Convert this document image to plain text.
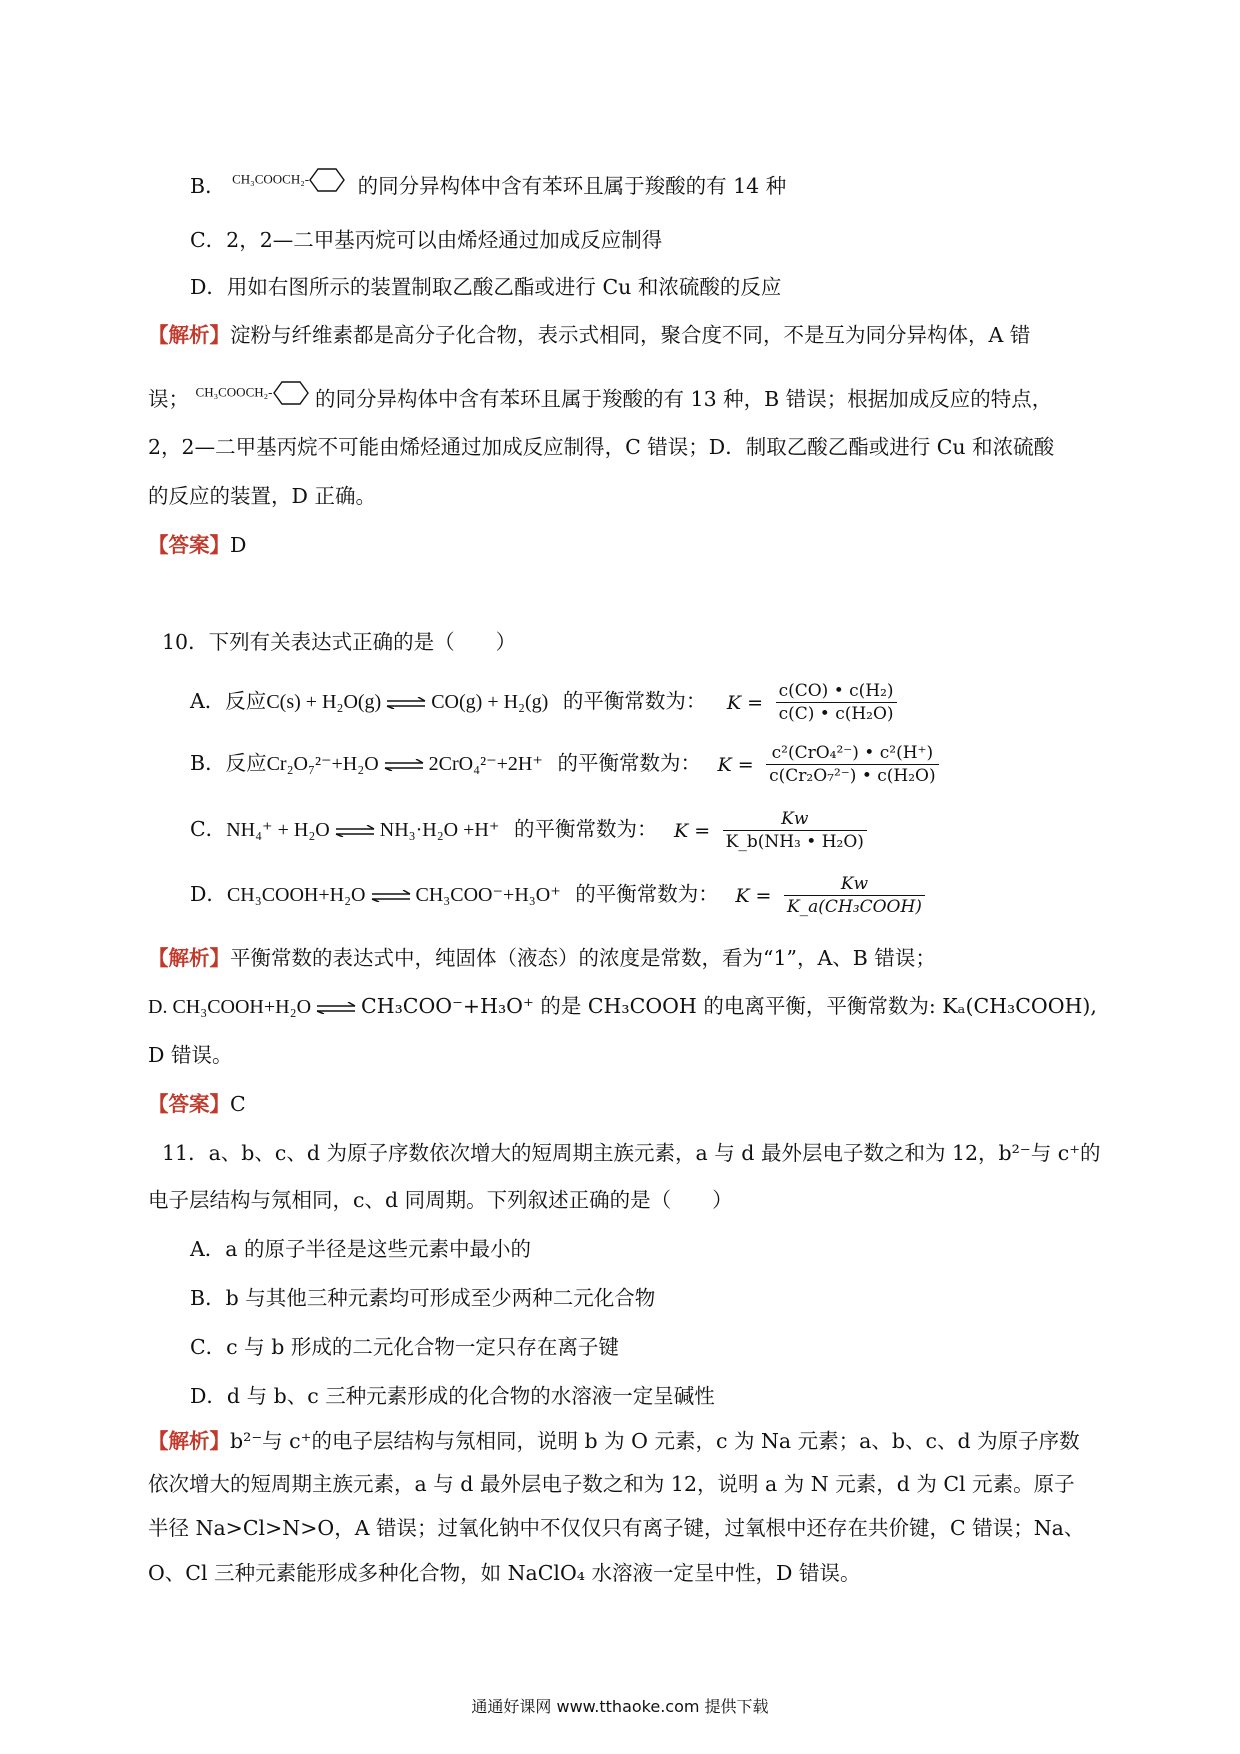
B． CH₃COOCH₂- 的同分异构体中含有苯环且属于羧酸的有 14 种
C．2，2—二甲基丙烷可以由烯烃通过加成反应制得
D．用如右图所示的装置制取乙酸乙酯或进行 Cu 和浓硫酸的反应
【解析】淀粉与纤维素都是高分子化合物，表示式相同，聚合度不同，不是互为同分异构体，A 错
误； CH₃COOCH₂- 的同分异构体中含有苯环且属于羧酸的有 13 种，B 错误；根据加成反应的特点，
2，2—二甲基丙烷不可能由烯烃通过加成反应制得，C 错误；D．制取乙酸乙酯或进行 Cu 和浓硫酸
的反应的装置，D 正确。
【答案】D
10．下列有关表达式正确的是（　　）
A．反应C(s) + H₂O(g) ⇌ CO(g) + H₂(g) 的平衡常数为： $K = \frac{\text{c(CO) • c(H₂)}}{\text{c(C) • c(H₂O)}}$
B．反应Cr₂O₇²⁻+H₂O ⇌ 2CrO₄²⁻+2H⁺ 的平衡常数为： $K = \frac{\text{c²(CrO₄²⁻) • c²(H⁺)}}{\text{c(Cr₂O₇²⁻) • c(H₂O)}}$
C．NH₄⁺ + H₂O ⇌ NH₃·H₂O +H⁺ 的平衡常数为： $K = \frac{Kw}{\text{K\_b(NH₃ • H₂O)}}$
D．CH₃COOH+H₂O ⇌ CH₃COO⁻+H₃O⁺ 的平衡常数为： $K = \frac{Kw}{\text{K\_a(CH₃COOH)}}$
【解析】平衡常数的表达式中，纯固体（液态）的浓度是常数，看为“1”，A、B 错误；
D. CH₃COOH+H₂O ⇌ CH₃COO⁻+H₃O⁺ 的是 CH₃COOH 的电离平衡，平衡常数为: Kₐ(CH₃COOH),
D 错误。
【答案】C
11．a、b、c、d 为原子序数依次增大的短周期主族元素，a 与 d 最外层电子数之和为 12，b²⁻与 c⁺的
电子层结构与氖相同，c、d 同周期。下列叙述正确的是（　　）
A．a 的原子半径是这些元素中最小的
B．b 与其他三种元素均可形成至少两种二元化合物
C．c 与 b 形成的二元化合物一定只存在离子键
D．d 与 b、c 三种元素形成的化合物的水溶液一定呈碱性
【解析】b²⁻与 c⁺的电子层结构与氖相同，说明 b 为 O 元素，c 为 Na 元素；a、b、c、d 为原子序数
依次增大的短周期主族元素，a 与 d 最外层电子数之和为 12，说明 a 为 N 元素，d 为 Cl 元素。原子
半径 Na>Cl>N>O，A 错误；过氧化钠中不仅仅只有离子键，过氧根中还存在共价键，C 错误；Na、
O、Cl 三种元素能形成多种化合物，如 NaClO₄ 水溶液一定呈中性，D 错误。
通通好课网 www.tthaoke.com 提供下载
